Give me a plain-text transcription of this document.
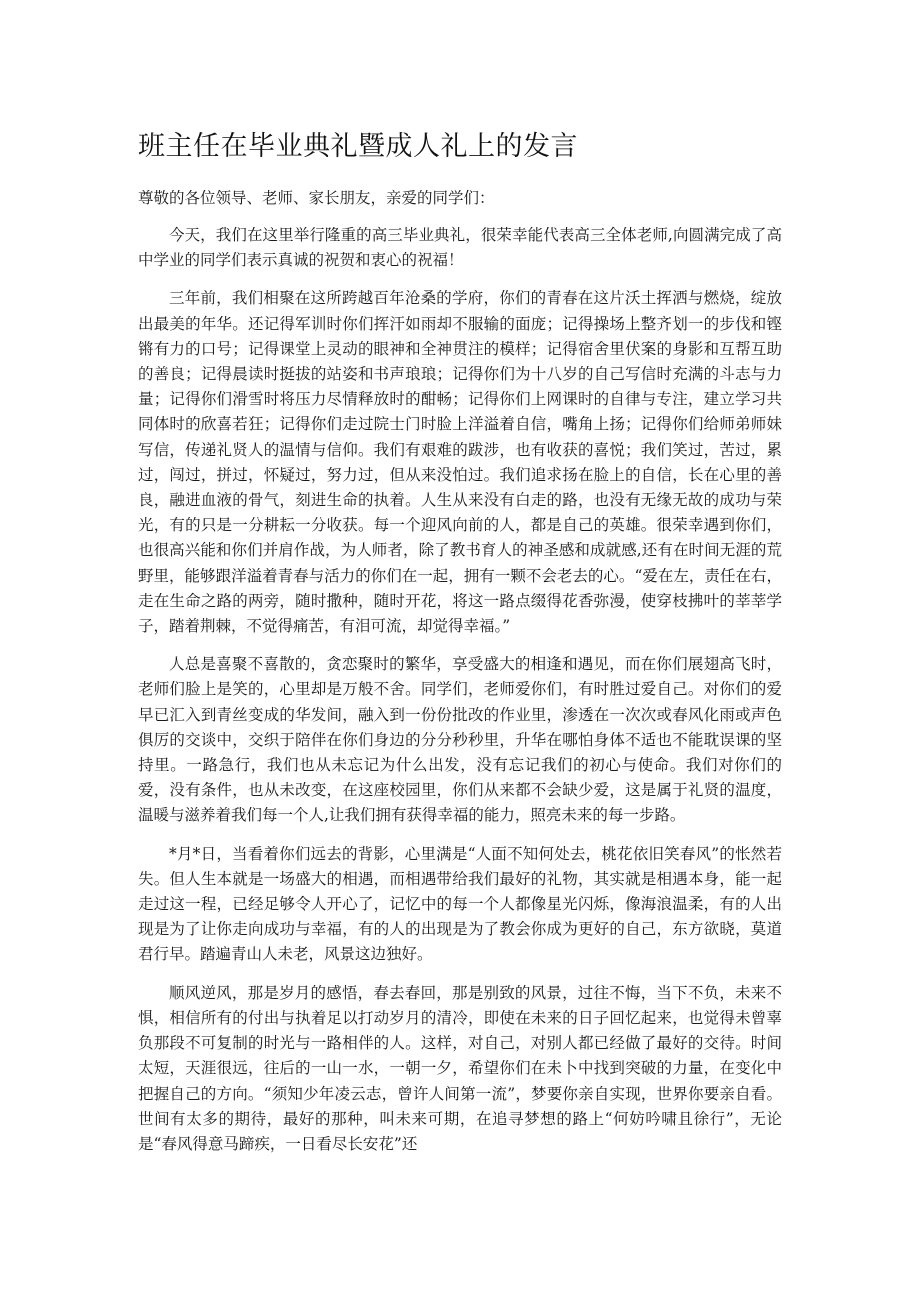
班主任在毕业典礼暨成人礼上的发言

尊敬的各位领导、老师、家长朋友，亲爱的同学们：

今天，我们在这里举行隆重的高三毕业典礼，很荣幸能代表高三全体老师,向圆满完成了高中学业的同学们表示真诚的祝贺和衷心的祝福！

三年前，我们相聚在这所跨越百年沧桑的学府，你们的青春在这片沃土挥洒与燃烧，绽放出最美的年华。还记得军训时你们挥汗如雨却不服输的面庞；记得操场上整齐划一的步伐和铿锵有力的口号；记得课堂上灵动的眼神和全神贯注的模样；记得宿舍里伏案的身影和互帮互助的善良；记得晨读时挺拔的站姿和书声琅琅；记得你们为十八岁的自己写信时充满的斗志与力量；记得你们滑雪时将压力尽情释放时的酣畅；记得你们上网课时的自律与专注，建立学习共同体时的欣喜若狂；记得你们走过院士门时脸上洋溢着自信，嘴角上扬；记得你们给师弟师妹写信，传递礼贤人的温情与信仰。我们有艰难的跋涉，也有收获的喜悦；我们笑过，苦过，累过，闯过，拼过，怀疑过，努力过，但从来没怕过。我们追求扬在脸上的自信，长在心里的善良，融进血液的骨气，刻进生命的执着。人生从来没有白走的路，也没有无缘无故的成功与荣光，有的只是一分耕耘一分收获。每一个迎风向前的人，都是自己的英雄。很荣幸遇到你们，也很高兴能和你们并肩作战，为人师者，除了教书育人的神圣感和成就感,还有在时间无涯的荒野里，能够跟洋溢着青春与活力的你们在一起，拥有一颗不会老去的心。“爱在左，责任在右，走在生命之路的两旁，随时撒种，随时开花，将这一路点缀得花香弥漫，使穿枝拂叶的莘莘学子，踏着荆棘，不觉得痛苦，有泪可流，却觉得幸福。”

人总是喜聚不喜散的，贪恋聚时的繁华，享受盛大的相逢和遇见，而在你们展翅高飞时，老师们脸上是笑的，心里却是万般不舍。同学们，老师爱你们，有时胜过爱自己。对你们的爱早已汇入到青丝变成的华发间，融入到一份份批改的作业里，渗透在一次次或春风化雨或声色俱厉的交谈中，交织于陪伴在你们身边的分分秒秒里，升华在哪怕身体不适也不能耽误课的坚持里。一路急行，我们也从未忘记为什么出发，没有忘记我们的初心与使命。我们对你们的爱，没有条件，也从未改变，在这座校园里，你们从来都不会缺少爱，这是属于礼贤的温度，温暖与滋养着我们每一个人,让我们拥有获得幸福的能力，照亮未来的每一步路。

*月*日，当看着你们远去的背影，心里满是“人面不知何处去，桃花依旧笑春风”的怅然若失。但人生本就是一场盛大的相遇，而相遇带给我们最好的礼物，其实就是相遇本身，能一起走过这一程，已经足够令人开心了，记忆中的每一个人都像星光闪烁，像海浪温柔，有的人出现是为了让你走向成功与幸福，有的人的出现是为了教会你成为更好的自己，东方欲晓，莫道君行早。踏遍青山人未老，风景这边独好。

顺风逆风，那是岁月的感悟，春去春回，那是别致的风景，过往不悔，当下不负，未来不惧，相信所有的付出与执着足以打动岁月的清冷，即使在未来的日子回忆起来，也觉得未曾辜负那段不可复制的时光与一路相伴的人。这样，对自己，对别人都已经做了最好的交待。时间太短，天涯很远，往后的一山一水，一朝一夕，希望你们在未卜中找到突破的力量，在变化中把握自己的方向。“须知少年凌云志，曾许人间第一流”，梦要你亲自实现，世界你要亲自看。世间有太多的期待，最好的那种，叫未来可期，在追寻梦想的路上“何妨吟啸且徐行”，无论是“春风得意马蹄疾，一日看尽长安花”还
